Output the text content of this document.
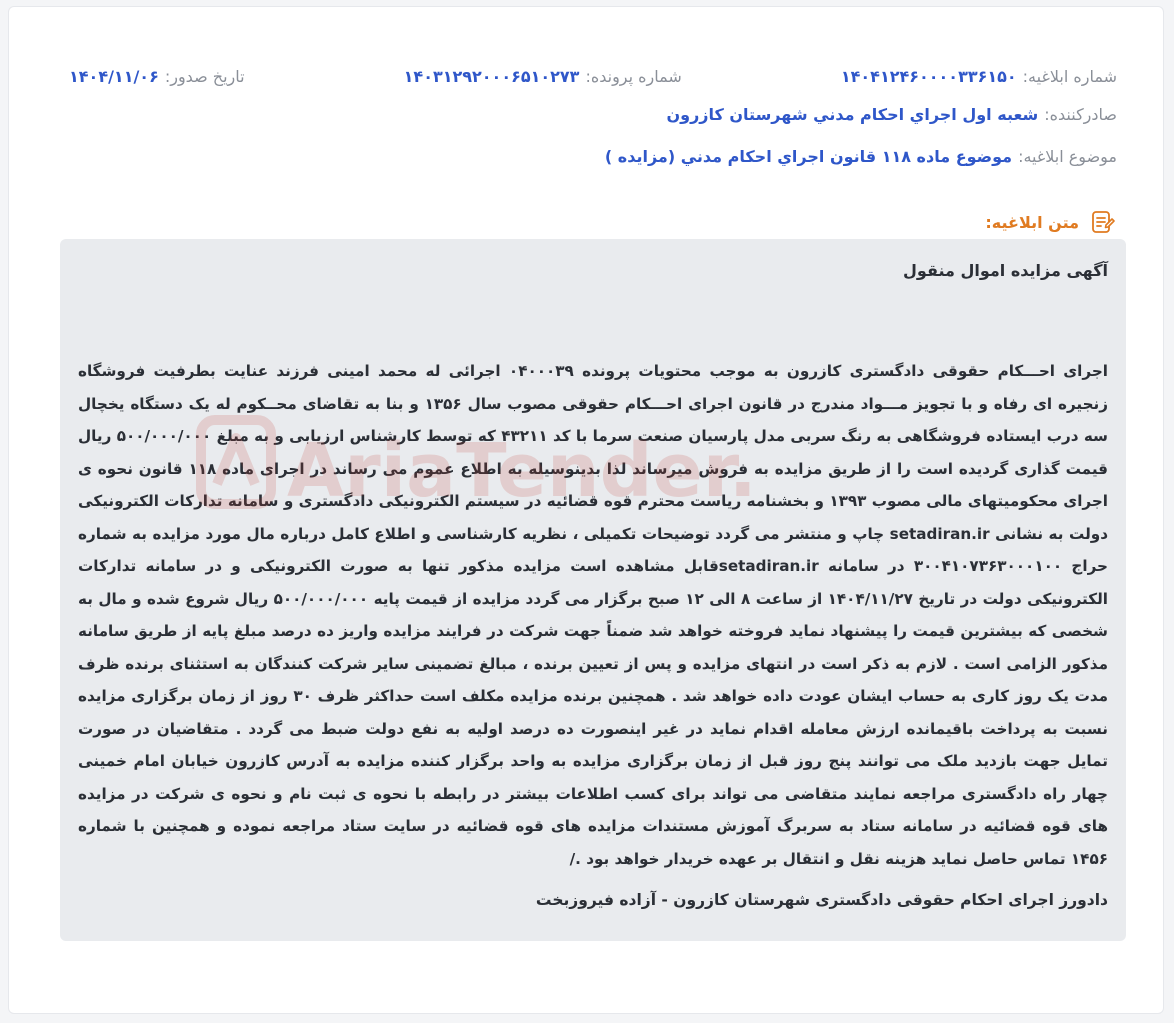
شماره ابلاغیه:
۱۴۰۴۱۲۴۶۰۰۰۰۳۳۶۱۵۰
شماره پرونده:
۱۴۰۳۱۲۹۲۰۰۰۶۵۱۰۲۷۳
تاریخ صدور:
۱۴۰۴/۱۱/۰۶
صادرکننده:
شعبه اول اجراي احكام مدني شهرستان كازرون
موضوع ابلاغیه:
موضوع ماده ۱۱۸ قانون اجراي احكام مدني (مزايده )
متن ابلاغیه:
آگهی مزایده اموال منقول
اجرای احـــکام حقوقی دادگستری کازرون به موجب محتویات پرونده ۰۴۰۰۰۳۹ اجرائی له محمد امینی فرزند عنایت بطرفیت فروشگاه زنجیره ای رفاه و با تجویز مـــواد مندرج در قانون اجرای احـــکام حقوقی مصوب سال ۱۳۵۶ و بنا به تقاضای محــکوم له یک دستگاه یخچال سه درب ایستاده فروشگاهی به رنگ سربی مدل پارسیان صنعت سرما با کد ۴۳۲۱۱ که توسط کارشناس ارزیابی و به مبلغ ۵۰۰/۰۰۰/۰۰۰ ریال قیمت گذاری گردیده است را از طریق مزایده به فروش میرساند لذا بدینوسیله به اطلاع عموم می رساند در اجرای ماده ۱۱۸ قانون نحوه ی اجرای محکومیتهای مالی مصوب ۱۳۹۳ و بخشنامه ریاست محترم قوه قضائیه در سیستم الکترونیکی دادگستری و سامانه تدارکات الکترونیکی دولت به نشانی setadiran.ir چاپ و منتشر می گردد توضیحات تکمیلی ، نظریه کارشناسی و اطلاع کامل درباره مال مورد مزایده به شماره حراج ۳۰۰۴۱۰۷۳۶۳۰۰۰۱۰۰ در سامانه setadiran.irقابل مشاهده است مزایده مذکور تنها به صورت الکترونیکی و در سامانه تدارکات الکترونیکی دولت در تاریخ ۱۴۰۴/۱۱/۲۷ از ساعت ۸ الی ۱۲ صبح برگزار می گردد مزایده از قیمت پایه ۵۰۰/۰۰۰/۰۰۰ ریال شروع شده و مال به شخصی که بیشترین قیمت را پیشنهاد نماید فروخته خواهد شد ضمناً جهت شرکت در فرایند مزایده واریز ده درصد مبلغ پایه از طریق سامانه مذکور الزامی است . لازم به ذکر است در انتهای مزایده و پس از تعیین برنده ، مبالغ تضمینی سایر شرکت کنندگان به استثنای برنده ظرف مدت یک روز کاری به حساب ایشان عودت داده خواهد شد . همچنین برنده مزایده مکلف است حداکثر ظرف ۳۰ روز از زمان برگزاری مزایده نسبت به پرداخت باقیمانده ارزش معامله اقدام نماید در غیر اینصورت ده درصد اولیه به نفع دولت ضبط می گردد . متقاضیان در صورت تمایل جهت بازدید ملک می توانند پنج روز قبل از زمان برگزاری مزایده به واحد برگزار کننده مزایده به آدرس کازرون خیابان امام خمینی چهار راه دادگستری مراجعه نمایند متقاضی می تواند برای کسب اطلاعات بیشتر در رابطه با نحوه ی ثبت نام و نحوه ی شرکت در مزایده های قوه قضائیه در سامانه ستاد به سربرگ آموزش مستندات مزایده های قوه قضائیه در سایت ستاد مراجعه نموده و همچنین با شماره ۱۴۵۶ تماس حاصل نماید هزینه نقل و انتقال بر عهده خریدار خواهد بود ./
دادورز اجرای احکام حقوقی دادگستری شهرستان کازرون - آزاده فیروزبخت
